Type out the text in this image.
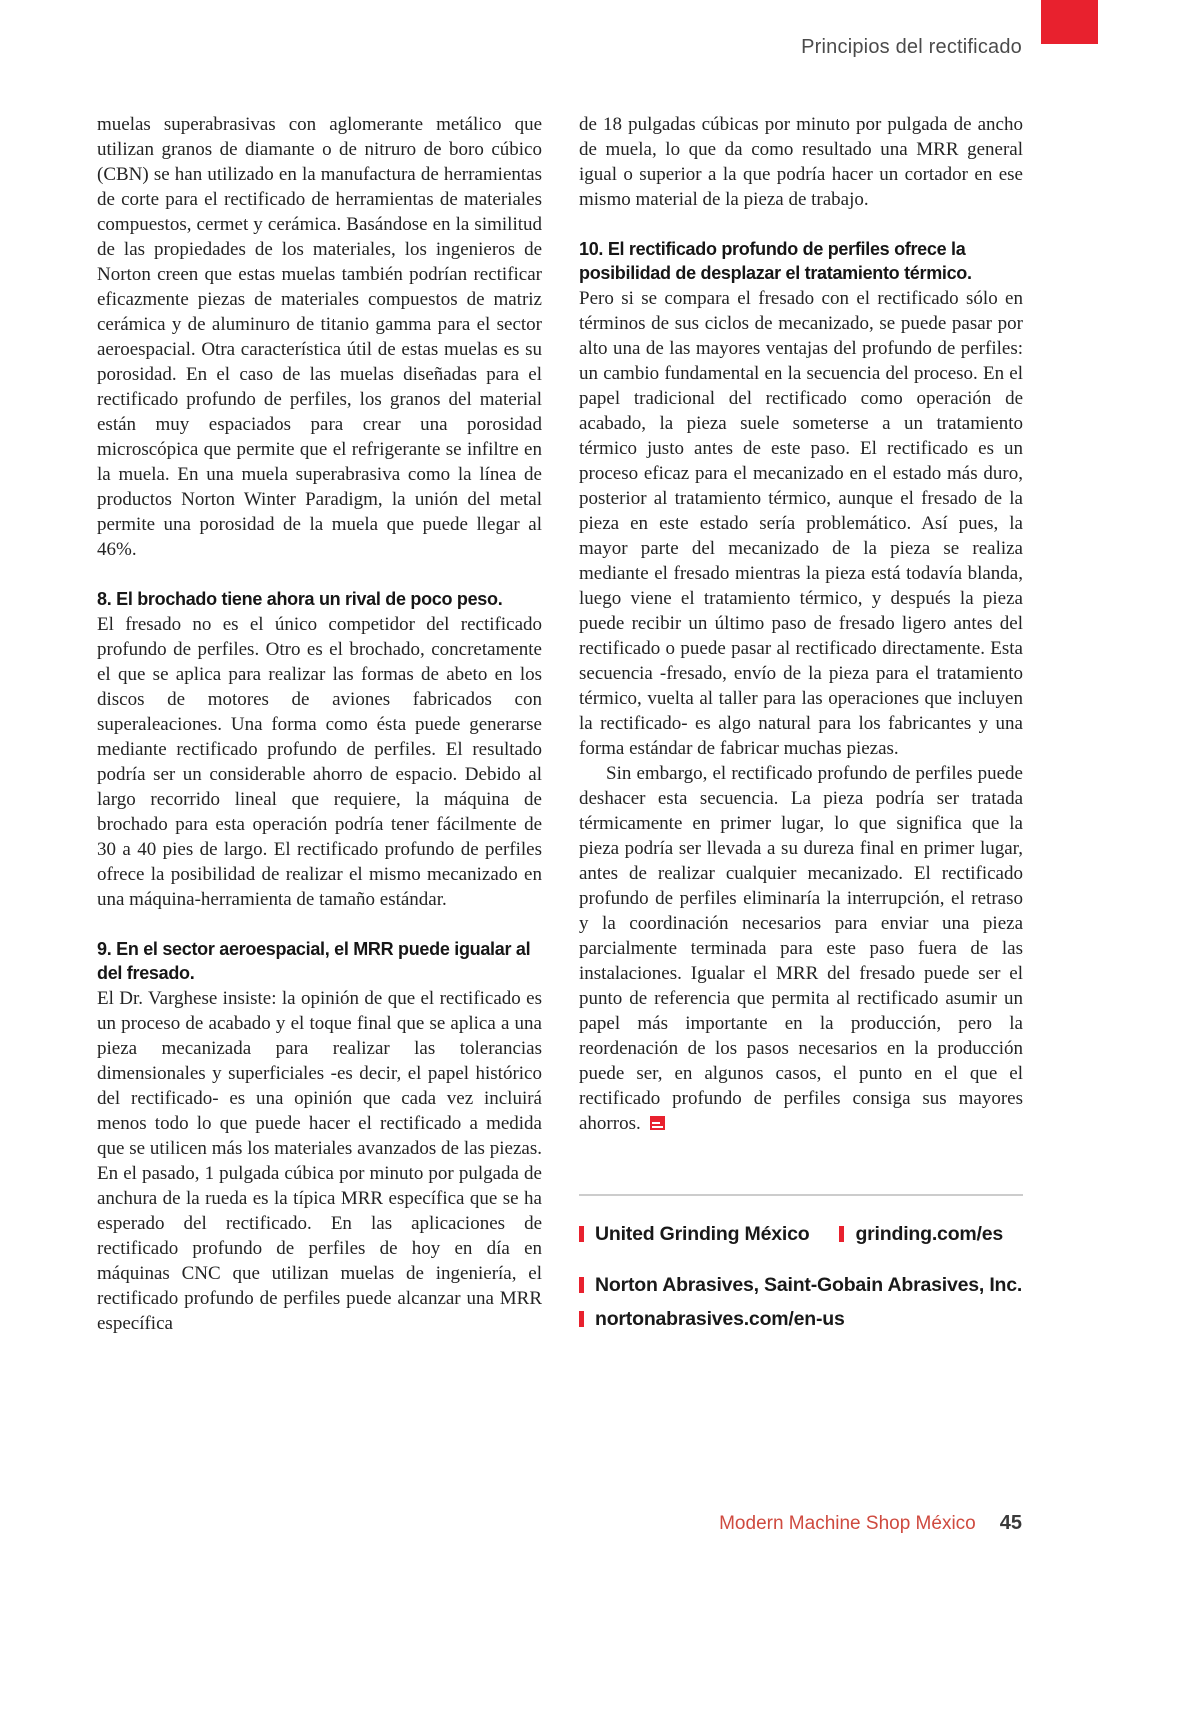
Principios del rectificado

muelas superabrasivas con aglomerante metálico que utilizan granos de diamante o de nitruro de boro cúbico (CBN) se han utilizado en la manufactura de herramientas de corte para el rectificado de herramientas de materiales compuestos, cermet y cerámica. Basándose en la similitud de las propiedades de los materiales, los ingenieros de Norton creen que estas muelas también podrían rectificar eficazmente piezas de materiales compuestos de matriz cerámica y de aluminuro de titanio gamma para el sector aeroespacial. Otra característica útil de estas muelas es su porosidad. En el caso de las muelas diseñadas para el rectificado profundo de perfiles, los granos del material están muy espaciados para crear una porosidad microscópica que permite que el refrigerante se infiltre en la muela. En una muela superabrasiva como la línea de productos Norton Winter Paradigm, la unión del metal permite una porosidad de la muela que puede llegar al 46%.

8. El brochado tiene ahora un rival de poco peso.

El fresado no es el único competidor del rectificado profundo de perfiles. Otro es el brochado, concretamente el que se aplica para realizar las formas de abeto en los discos de motores de aviones fabricados con superaleaciones. Una forma como ésta puede generarse mediante rectificado profundo de perfiles. El resultado podría ser un considerable ahorro de espacio. Debido al largo recorrido lineal que requiere, la máquina de brochado para esta operación podría tener fácilmente de 30 a 40 pies de largo. El rectificado profundo de perfiles ofrece la posibilidad de realizar el mismo mecanizado en una máquina-herramienta de tamaño estándar.

9. En el sector aeroespacial, el MRR puede igualar al del fresado.

El Dr. Varghese insiste: la opinión de que el rectificado es un proceso de acabado y el toque final que se aplica a una pieza mecanizada para realizar las tolerancias dimensionales y superficiales -es decir, el papel histórico del rectificado- es una opinión que cada vez incluirá menos todo lo que puede hacer el rectificado a medida que se utilicen más los materiales avanzados de las piezas. En el pasado, 1 pulgada cúbica por minuto por pulgada de anchura de la rueda es la típica MRR específica que se ha esperado del rectificado. En las aplicaciones de rectificado profundo de perfiles de hoy en día en máquinas CNC que utilizan muelas de ingeniería, el rectificado profundo de perfiles puede alcanzar una MRR específica

de 18 pulgadas cúbicas por minuto por pulgada de ancho de muela, lo que da como resultado una MRR general igual o superior a la que podría hacer un cortador en ese mismo material de la pieza de trabajo.

10. El rectificado profundo de perfiles ofrece la posibilidad de desplazar el tratamiento térmico.

Pero si se compara el fresado con el rectificado sólo en términos de sus ciclos de mecanizado, se puede pasar por alto una de las mayores ventajas del profundo de perfiles: un cambio fundamental en la secuencia del proceso. En el papel tradicional del rectificado como operación de acabado, la pieza suele someterse a un tratamiento térmico justo antes de este paso. El rectificado es un proceso eficaz para el mecanizado en el estado más duro, posterior al tratamiento térmico, aunque el fresado de la pieza en este estado sería problemático. Así pues, la mayor parte del mecanizado de la pieza se realiza mediante el fresado mientras la pieza está todavía blanda, luego viene el tratamiento térmico, y después la pieza puede recibir un último paso de fresado ligero antes del rectificado o puede pasar al rectificado directamente. Esta secuencia -fresado, envío de la pieza para el tratamiento térmico, vuelta al taller para las operaciones que incluyen la rectificado- es algo natural para los fabricantes y una forma estándar de fabricar muchas piezas.

Sin embargo, el rectificado profundo de perfiles puede deshacer esta secuencia. La pieza podría ser tratada térmicamente en primer lugar, lo que significa que la pieza podría ser llevada a su dureza final en primer lugar, antes de realizar cualquier mecanizado. El rectificado profundo de perfiles eliminaría la interrupción, el retraso y la coordinación necesarios para enviar una pieza parcialmente terminada para este paso fuera de las instalaciones. Igualar el MRR del fresado puede ser el punto de referencia que permita al rectificado asumir un papel más importante en la producción, pero la reordenación de los pasos necesarios en la producción puede ser, en algunos casos, el punto en el que el rectificado profundo de perfiles consiga sus mayores ahorros.

United Grinding México grinding.com/es
Norton Abrasives, Saint-Gobain Abrasives, Inc.
nortonabrasives.com/en-us
Modern Machine Shop México 45
